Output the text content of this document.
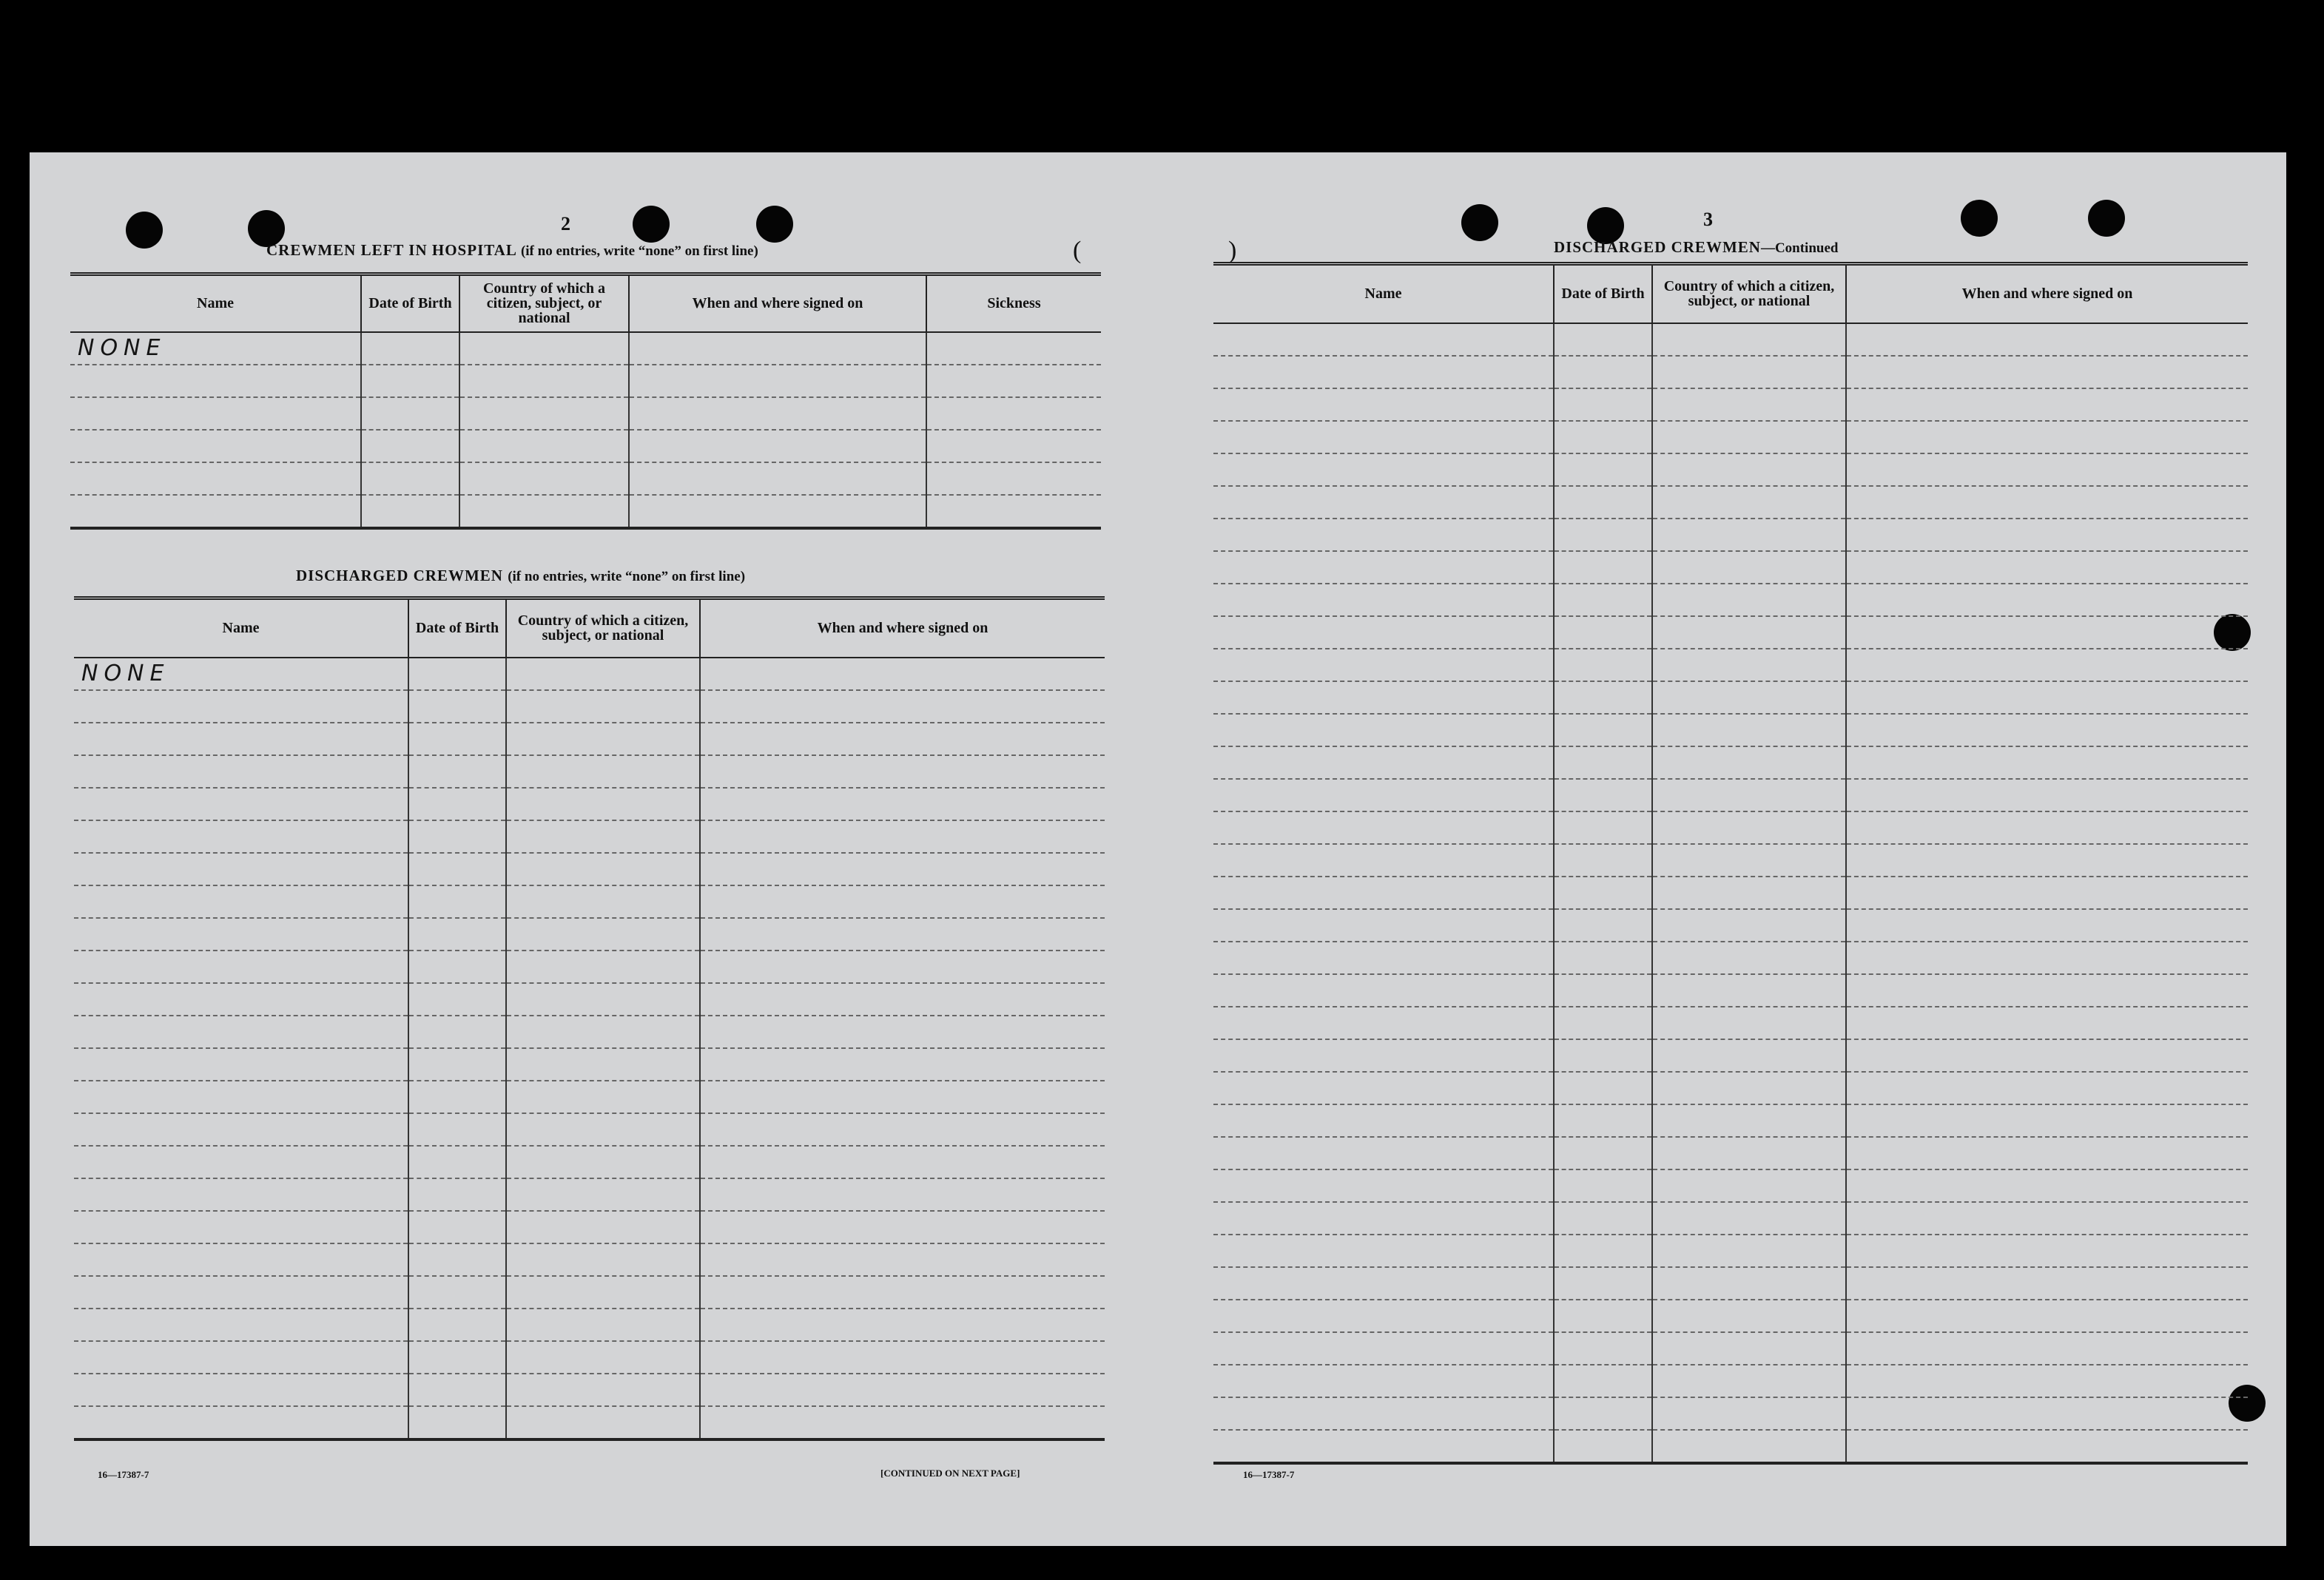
(	)
2
CREWMEN LEFT IN HOSPITAL (if no entries, write “none” on first line)
Name	Date of Birth	Country of which a citizen, subject, or national	When and where signed on	Sickness
NONE				

DISCHARGED CREWMEN (if no entries, write “none” on first line)
Name	Date of Birth	Country of which a citizen, subject, or national	When and where signed on
NONE			

16—17387-7	[CONTINUED ON NEXT PAGE]
3
DISCHARGED CREWMEN—Continued
Name	Date of Birth	Country of which a citizen, subject, or national	When and where signed on

16—17387-7
